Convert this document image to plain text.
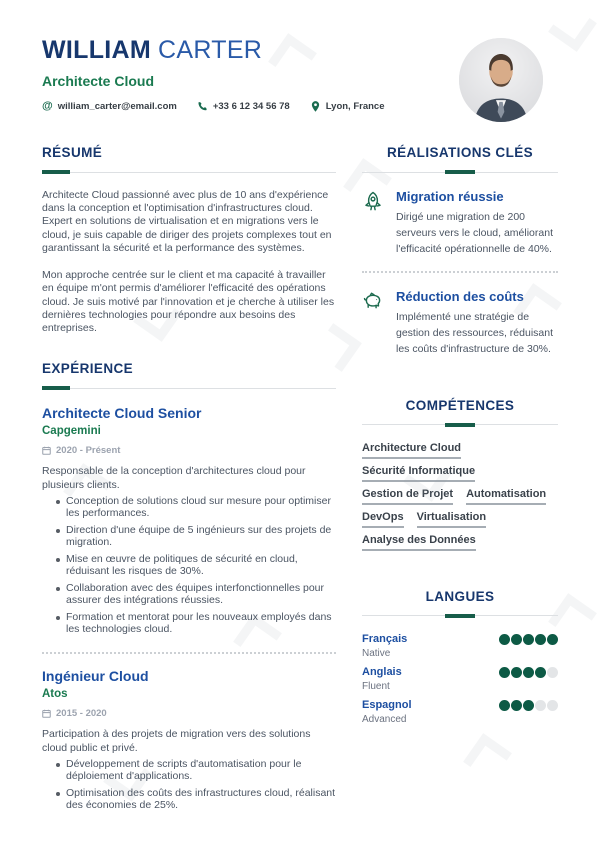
WILLIAM CARTER
Architecte Cloud
@ william_carter@email.com	+33 6 12 34 56 78	Lyon, France
RÉSUMÉ

Architecte Cloud passionné avec plus de 10 ans d'expérience dans la conception et l'optimisation d'infrastructures cloud. Expert en solutions de virtualisation et en migrations vers le cloud, je suis capable de diriger des projets complexes tout en garantissant la sécurité et la performance des systèmes.

Mon approche centrée sur le client et ma capacité à travailler en équipe m'ont permis d'améliorer l'efficacité des opérations cloud. Je suis motivé par l'innovation et je cherche à utiliser les dernières technologies pour répondre aux besoins des entreprises.

EXPÉRIENCE
Architecte Cloud Senior
Capgemini
2020 - Présent

Responsable de la conception d'architectures cloud pour plusieurs clients.

Conception de solutions cloud sur mesure pour optimiser les performances.
Direction d'une équipe de 5 ingénieurs sur des projets de migration.
Mise en œuvre de politiques de sécurité en cloud, réduisant les risques de 30%.
Collaboration avec des équipes interfonctionnelles pour assurer des intégrations réussies.
Formation et mentorat pour les nouveaux employés dans les technologies cloud.
Ingénieur Cloud
Atos
2015 - 2020

Participation à des projets de migration vers des solutions cloud public et privé.

Développement de scripts d'automatisation pour le déploiement d'applications.
Optimisation des coûts des infrastructures cloud, réalisant des économies de 25%.
RÉALISATIONS CLÉS
Migration réussie

Dirigé une migration de 200 serveurs vers le cloud, améliorant l'efficacité opérationnelle de 40%.

Réduction des coûts

Implémenté une stratégie de gestion des ressources, réduisant les coûts d'infrastructure de 30%.

COMPÉTENCES
Architecture Cloud
Sécurité Informatique
Gestion de Projet Automatisation
DevOps Virtualisation
Analyse des Données
LANGUES
Français
Native
Anglais
Fluent
Espagnol
Advanced
